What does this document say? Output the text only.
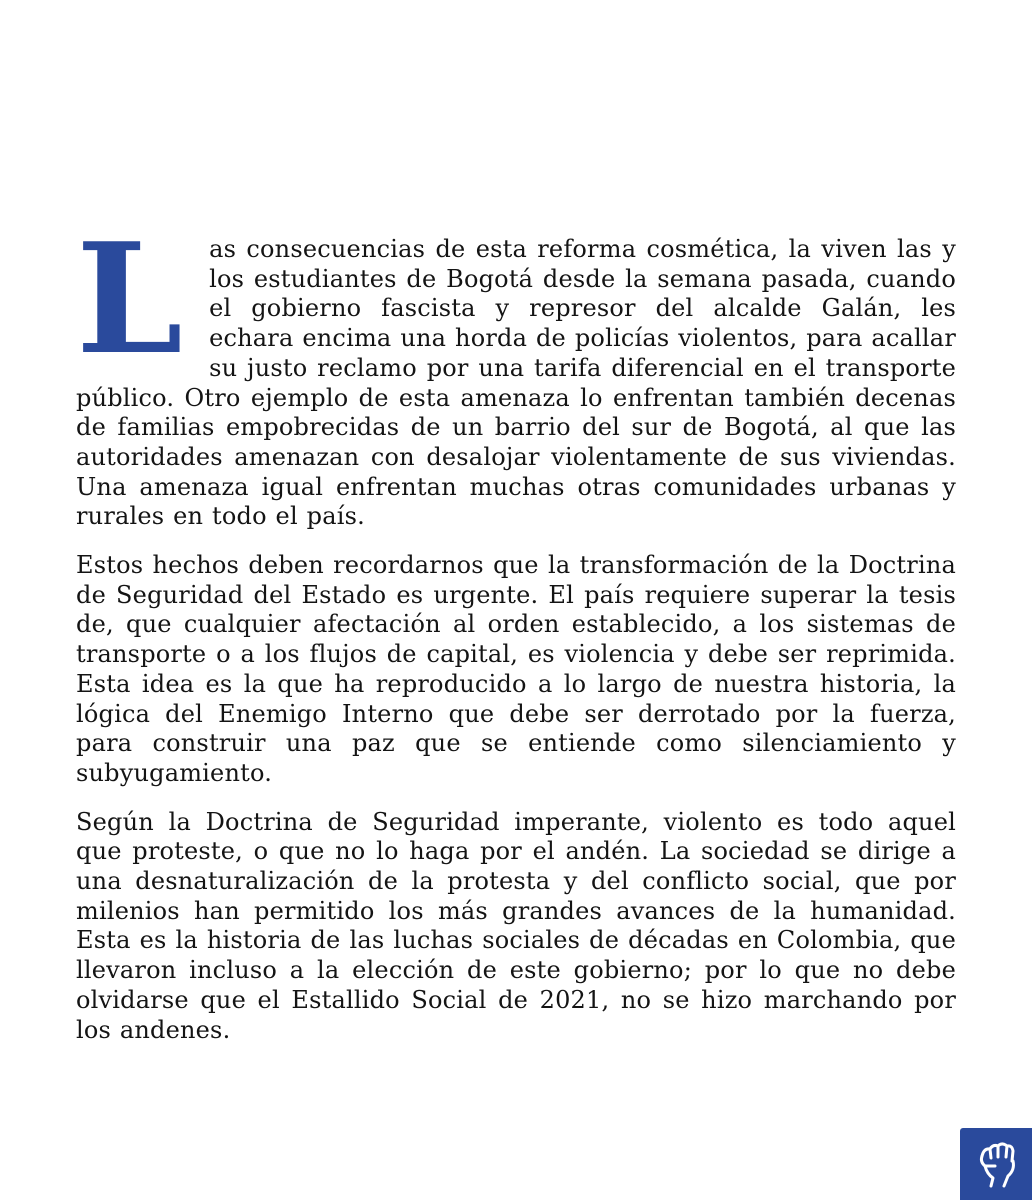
L as consecuencias de esta reforma cosmética, la viven las y los estudiantes de Bogotá desde la semana pasada, cuando el gobierno fascista y represor del alcalde Galán, les echara encima una horda de policías violentos, para acallar su justo reclamo por una tarifa diferencial en el transporte público. Otro ejemplo de esta amenaza lo enfrentan también decenas de familias empobrecidas de un barrio del sur de Bogotá, al que las autoridades amenazan con desalojar violentamente de sus viviendas. Una amenaza igual enfrentan muchas otras comunidades urbanas y rurales en todo el país.

Estos hechos deben recordarnos que la transformación de la Doctrina de Seguridad del Estado es urgente. El país requiere superar la tesis de, que cualquier afectación al orden establecido, a los sistemas de transporte o a los flujos de capital, es violencia y debe ser reprimida. Esta idea es la que ha reproducido a lo largo de nuestra historia, la lógica del Enemigo Interno que debe ser derrotado por la fuerza, para construir una paz que se entiende como silenciamiento y subyugamiento.

Según la Doctrina de Seguridad imperante, violento es todo aquel que proteste, o que no lo haga por el andén. La sociedad se dirige a una desnaturalización de la protesta y del conflicto social, que por milenios han permitido los más grandes avances de la humanidad. Esta es la historia de las luchas sociales de décadas en Colombia, que llevaron incluso a la elección de este gobierno; por lo que no debe olvidarse que el Estallido Social de 2021, no se hizo marchando por los andenes.
